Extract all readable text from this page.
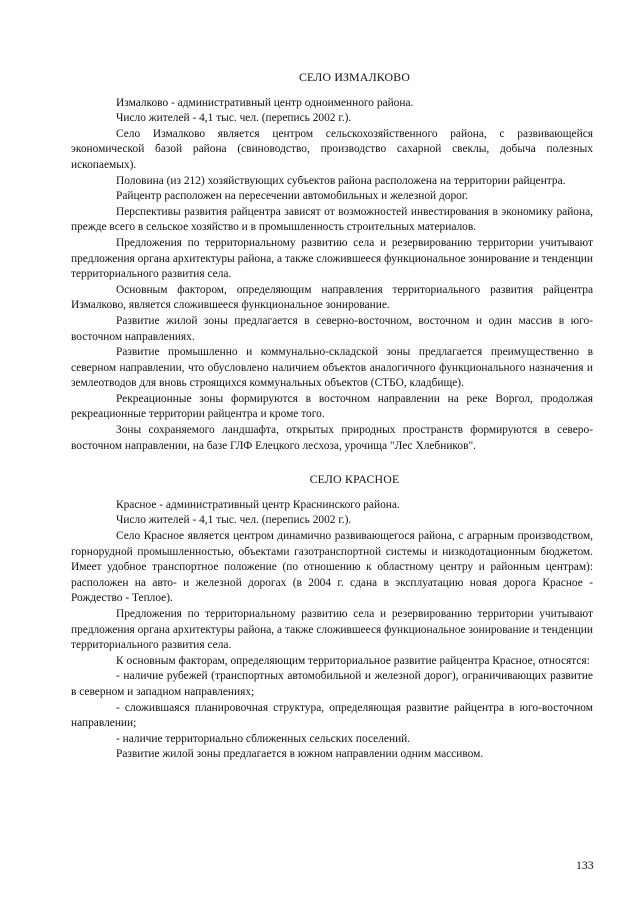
СЕЛО ИЗМАЛКОВО

Измалково - административный центр одноименного района.

Число жителей - 4,1 тыс. чел. (перепись 2002 г.).

Село Измалково является центром сельскохозяйственного района, с развивающейся экономической базой района (свиноводство, производство сахарной свеклы, добыча полезных ископаемых).

Половина (из 212) хозяйствующих субъектов района расположена на территории райцентра.

Райцентр расположен на пересечении автомобильных и железной дорог.

Перспективы развития райцентра зависят от возможностей инвестирования в экономику района, прежде всего в сельское хозяйство и в промышленность строительных материалов.

Предложения по территориальному развитию села и резервированию территории учитывают предложения органа архитектуры района, а также сложившееся функциональное зонирование и тенденции территориального развития села.

Основным фактором, определяющим направления территориального развития райцентра Измалково, является сложившееся функциональное зонирование.

Развитие жилой зоны предлагается в северно-восточном, восточном и один массив в юго-восточном направлениях.

Развитие промышленно и коммунально-складской зоны предлагается преимущественно в северном направлении, что обусловлено наличием объектов аналогичного функционального назначения и землеотводов для вновь строящихся коммунальных объектов (СТБО, кладбище).

Рекреационные зоны формируются в восточном направлении на реке Воргол, продолжая рекреационные территории райцентра и кроме того.

Зоны сохраняемого ландшафта, открытых природных пространств формируются в северо-восточном направлении, на базе ГЛФ Елецкого лесхоза, урочища "Лес Хлебников".

СЕЛО КРАСНОЕ

Красное - административный центр Краснинского района.

Число жителей - 4,1 тыс. чел. (перепись 2002 г.).

Село Красное является центром динамично развивающегося района, с аграрным производством, горнорудной промышленностью, объектами газотранспортной системы и низкодотационным бюджетом. Имеет удобное транспортное положение (по отношению к областному центру и районным центрам): расположен на авто- и железной дорогах (в 2004 г. сдана в эксплуатацию новая дорога Красное - Рождество - Теплое).

Предложения по территориальному развитию села и резервированию территории учитывают предложения органа архитектуры района, а также сложившееся функциональное зонирование и тенденции территориального развития села.

К основным факторам, определяющим территориальное развитие райцентра Красное, относятся:

- наличие рубежей (транспортных автомобильной и железной дорог), ограничивающих развитие в северном и западном направлениях;

- сложившаяся планировочная структура, определяющая развитие райцентра в юго-восточном направлении;

- наличие территориально сближенных сельских поселений.

Развитие жилой зоны предлагается в южном направлении одним массивом.

133
